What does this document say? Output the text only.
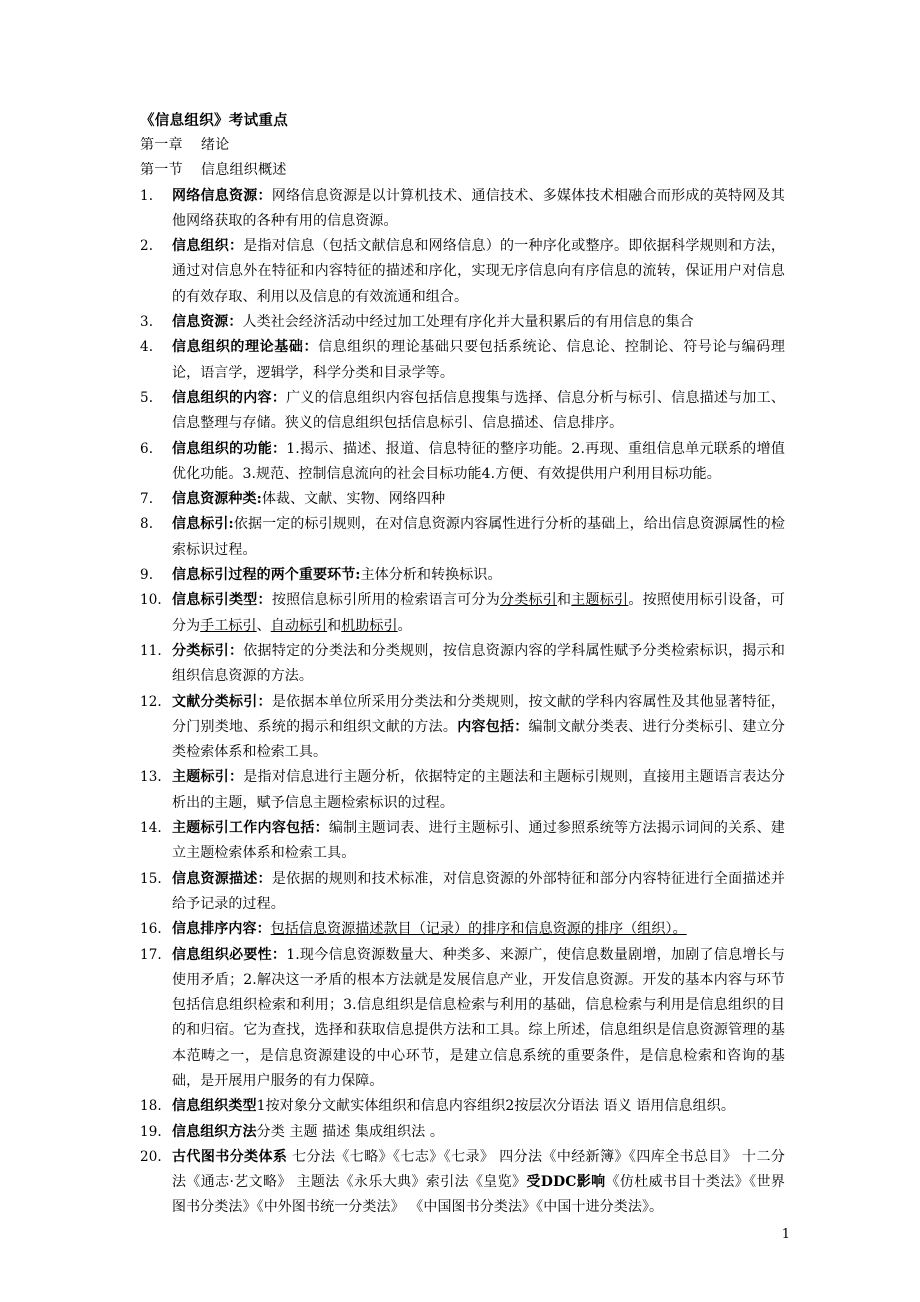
《信息组织》考试重点
第一章 绪论
第一节 信息组织概述
1.	网络信息资源：网络信息资源是以计算机技术、通信技术、多媒体技术相融合而形成的英特网及其他网络获取的各种有用的信息资源。
2.	信息组织：是指对信息（包括文献信息和网络信息）的一种序化或整序。即依据科学规则和方法，通过对信息外在特征和内容特征的描述和序化，实现无序信息向有序信息的流转，保证用户对信息的有效存取、利用以及信息的有效流通和组合。
3.	信息资源：人类社会经济活动中经过加工处理有序化并大量积累后的有用信息的集合
4.	信息组织的理论基础：信息组织的理论基础只要包括系统论、信息论、控制论、符号论与编码理论，语言学，逻辑学，科学分类和目录学等。
5.	信息组织的内容：广义的信息组织内容包括信息搜集与选择、信息分析与标引、信息描述与加工、信息整理与存储。狭义的信息组织包括信息标引、信息描述、信息排序。
6.	信息组织的功能：1.揭示、描述、报道、信息特征的整序功能。2.再现、重组信息单元联系的增值优化功能。3.规范、控制信息流向的社会目标功能4.方便、有效提供用户利用目标功能。
7.	信息资源种类:体裁、文献、实物、网络四种
8.	信息标引:依据一定的标引规则，在对信息资源内容属性进行分析的基础上，给出信息资源属性的检索标识过程。
9.	信息标引过程的两个重要环节:主体分析和转换标识。
10. 信息标引类型：按照信息标引所用的检索语言可分为分类标引和主题标引。按照使用标引设备，可分为手工标引、自动标引和机助标引。
11. 分类标引：依据特定的分类法和分类规则，按信息资源内容的学科属性赋予分类检索标识，揭示和组织信息资源的方法。
12. 文献分类标引：是依据本单位所采用分类法和分类规则，按文献的学科内容属性及其他显著特征，分门别类地、系统的揭示和组织文献的方法。内容包括：编制文献分类表、进行分类标引、建立分类检索体系和检索工具。
13. 主题标引：是指对信息进行主题分析，依据特定的主题法和主题标引规则，直接用主题语言表达分析出的主题，赋予信息主题检索标识的过程。
14. 主题标引工作内容包括：编制主题词表、进行主题标引、通过参照系统等方法揭示词间的关系、建立主题检索体系和检索工具。
15. 信息资源描述：是依据的规则和技术标准，对信息资源的外部特征和部分内容特征进行全面描述并给予记录的过程。
16. 信息排序内容：包括信息资源描述款目（记录）的排序和信息资源的排序（组织）。
17. 信息组织必要性：1.现今信息资源数量大、种类多、来源广，使信息数量剧增，加剧了信息增长与使用矛盾；2.解决这一矛盾的根本方法就是发展信息产业，开发信息资源。开发的基本内容与环节包括信息组织检索和利用；3.信息组织是信息检索与利用的基础，信息检索与利用是信息组织的目的和归宿。它为查找，选择和获取信息提供方法和工具。综上所述，信息组织是信息资源管理的基本范畴之一，是信息资源建设的中心环节，是建立信息系统的重要条件，是信息检索和咨询的基础，是开展用户服务的有力保障。
18. 信息组织类型1按对象分文献实体组织和信息内容组织2按层次分语法 语义 语用信息组织。
19. 信息组织方法分类 主题 描述 集成组织法 。
20. 古代图书分类体系 七分法《七略》《七志》《七录》 四分法《中经新簿》《四库全书总目》 十二分法《通志·艺文略》 主题法《永乐大典》索引法《皇览》受DDC影响《仿杜威书目十类法》《世界图书分类法》《中外图书统一分类法》 《中国图书分类法》《中国十进分类法》。
1
